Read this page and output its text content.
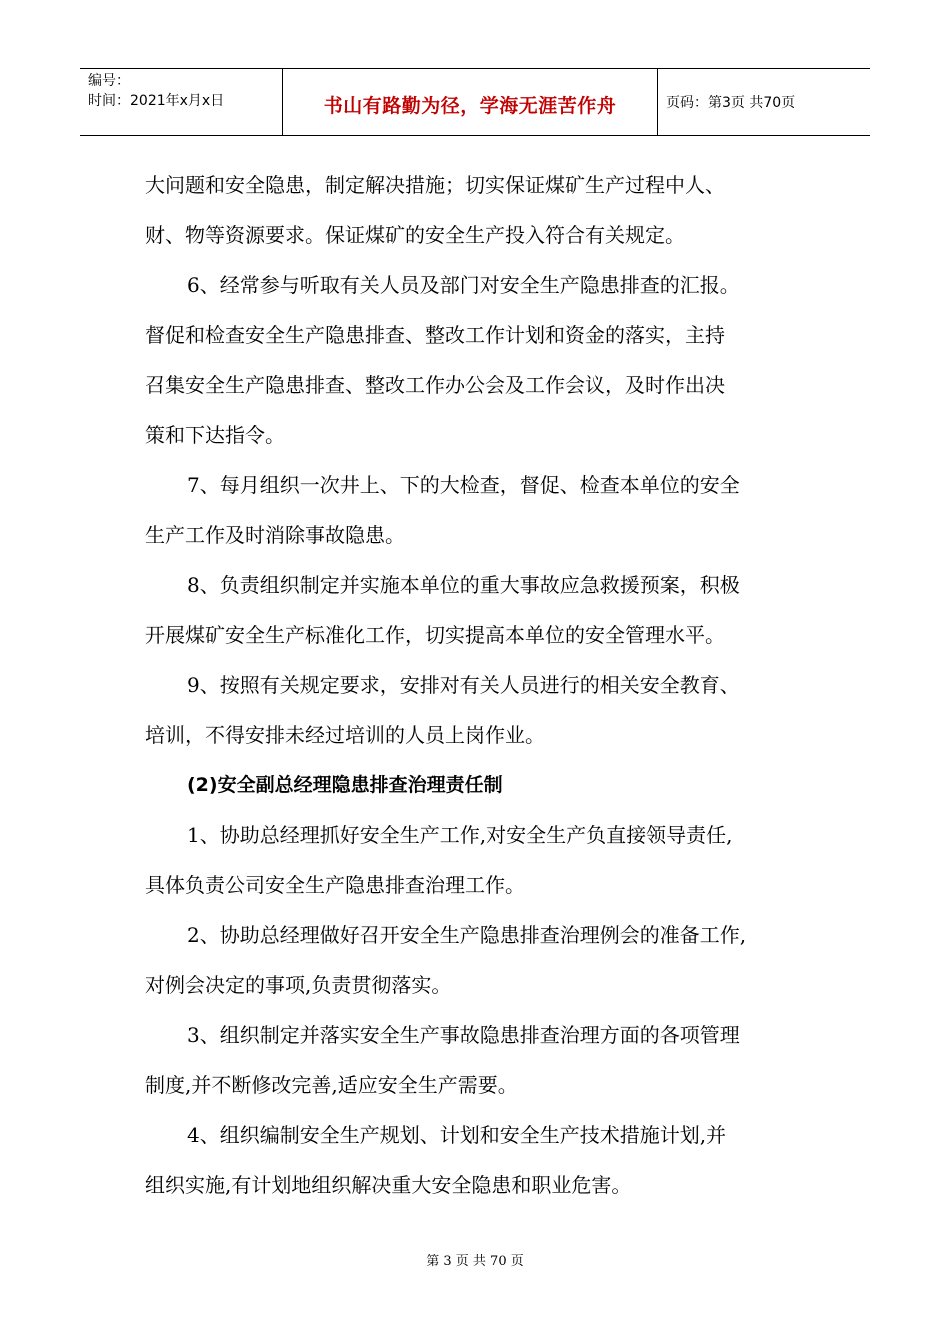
编号：
时间：2021年x月x日	书山有路勤为径，学海无涯苦作舟	页码：第3页 共70页
大问题和安全隐患，制定解决措施；切实保证煤矿生产过程中人、
财、物等资源要求。保证煤矿的安全生产投入符合有关规定。
6、经常参与听取有关人员及部门对安全生产隐患排查的汇报。
督促和检查安全生产隐患排查、整改工作计划和资金的落实，主持
召集安全生产隐患排查、整改工作办公会及工作会议，及时作出决
策和下达指令。
7、每月组织一次井上、下的大检查，督促、检查本单位的安全
生产工作及时消除事故隐患。
8、负责组织制定并实施本单位的重大事故应急救援预案，积极
开展煤矿安全生产标准化工作，切实提高本单位的安全管理水平。
9、按照有关规定要求，安排对有关人员进行的相关安全教育、
培训，不得安排未经过培训的人员上岗作业。
(2)安全副总经理隐患排查治理责任制
1、协助总经理抓好安全生产工作,对安全生产负直接领导责任,
具体负责公司安全生产隐患排查治理工作。
2、协助总经理做好召开安全生产隐患排查治理例会的准备工作,
对例会决定的事项,负责贯彻落实。
3、组织制定并落实安全生产事故隐患排查治理方面的各项管理
制度,并不断修改完善,适应安全生产需要。
4、组织编制安全生产规划、计划和安全生产技术措施计划,并
组织实施,有计划地组织解决重大安全隐患和职业危害。
第 3 页 共 70 页
